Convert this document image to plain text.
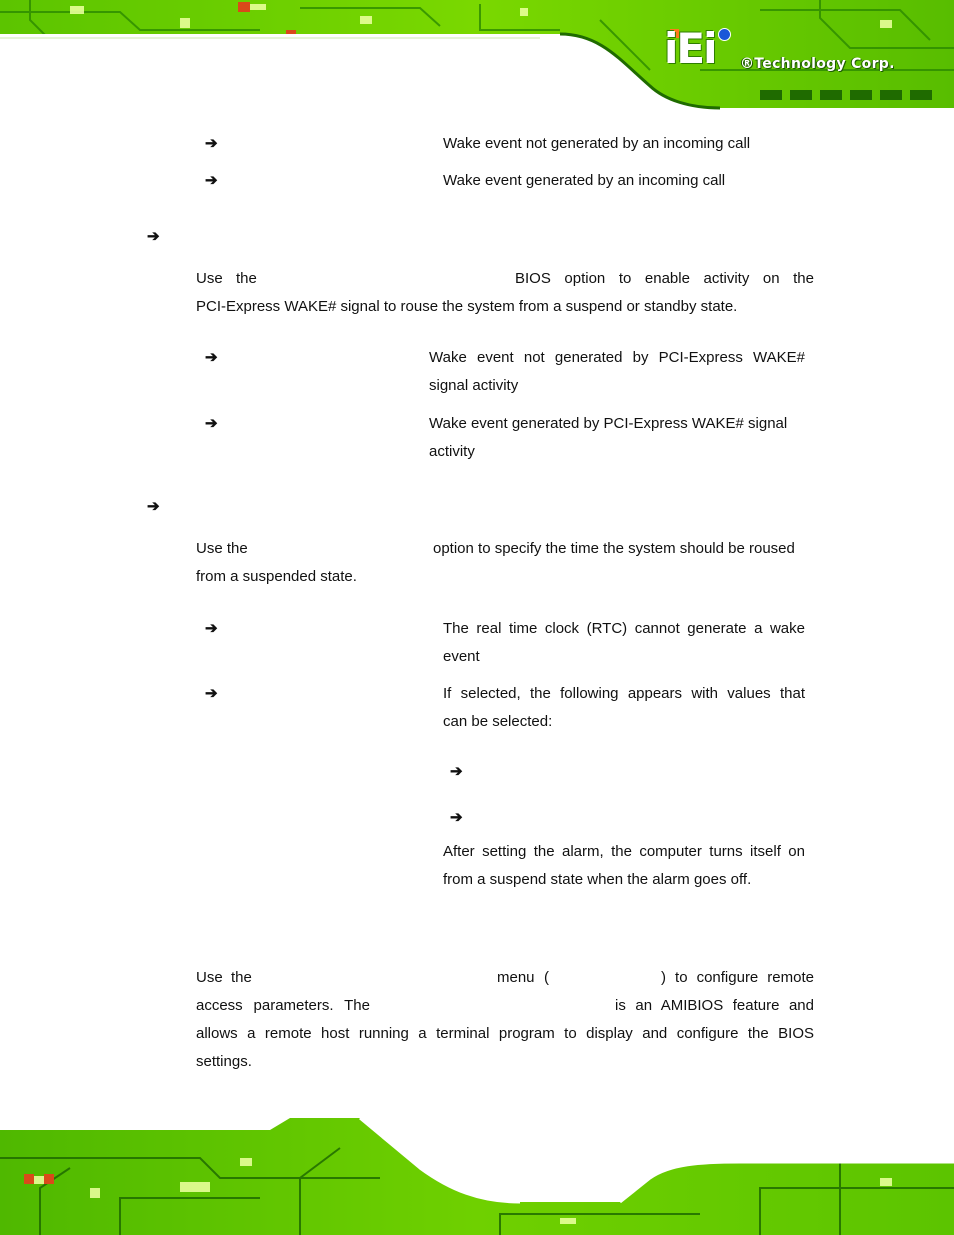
iEi ®Technology Corp.
➔	Wake event not generated by an incoming call
➔	Wake event generated by an incoming call
➔
Use the	BIOS option to enable activity on the
PCI-Express WAKE# signal to rouse the system from a suspend or standby state.
➔	Wake event not generated by PCI-Express WAKE#
signal activity
➔	Wake event generated by PCI-Express WAKE# signal
activity
➔
Use the	option to specify the time the system should be roused
from a suspended state.
➔	The real time clock (RTC) cannot generate a wake
event
➔	If selected, the following appears with values that
can be selected:
➔
➔
After setting the alarm, the computer turns itself on
from a suspend state when the alarm goes off.
Use the	menu (	) to configure remote
access parameters. The	is an AMIBIOS feature and
allows a remote host running a terminal program to display and configure the BIOS
settings.
